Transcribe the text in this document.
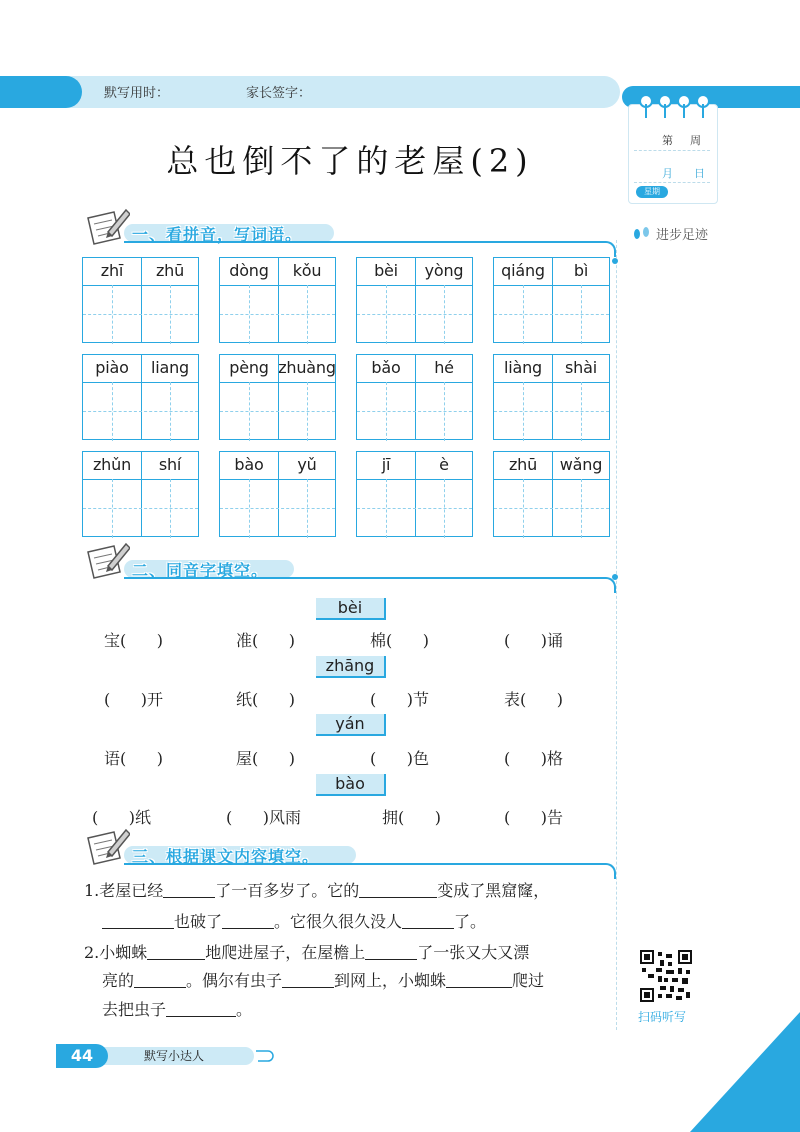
默写用时：	家长签字：
第 周
月 日
星期
进步足迹
总也倒不了的老屋(2)
一、看拼音，写词语。
zhī	zhū	dòng	kǒu	bèi	yòng	qiáng	bì
piào	liang	pèng zhuàng	bǎo	hé	liàng	shài
zhǔn	shí	bào	yǔ	jī	è	zhū	wǎng
二、同音字填空。
bèi
宝(      )	准(      )	棉(      )	(      )诵
zhāng
(      )开	纸(      )	(      )节	表(      )
yán
语(      )	屋(      )	(      )色	(      )格
bào
(      )纸	(      )风雨	拥(      )	(      )告
三、根据课文内容填空。
1.老屋已经	了一百多岁了。它的	变成了黑窟窿，
也破了	。它很久很久没人	了。
2.小蜘蛛	地爬进屋子，在屋檐上	了一张又大又漂
亮的	。偶尔有虫子	到网上，小蜘蛛	爬过
去把虫子	。	扫码听写
44	默写小达人
